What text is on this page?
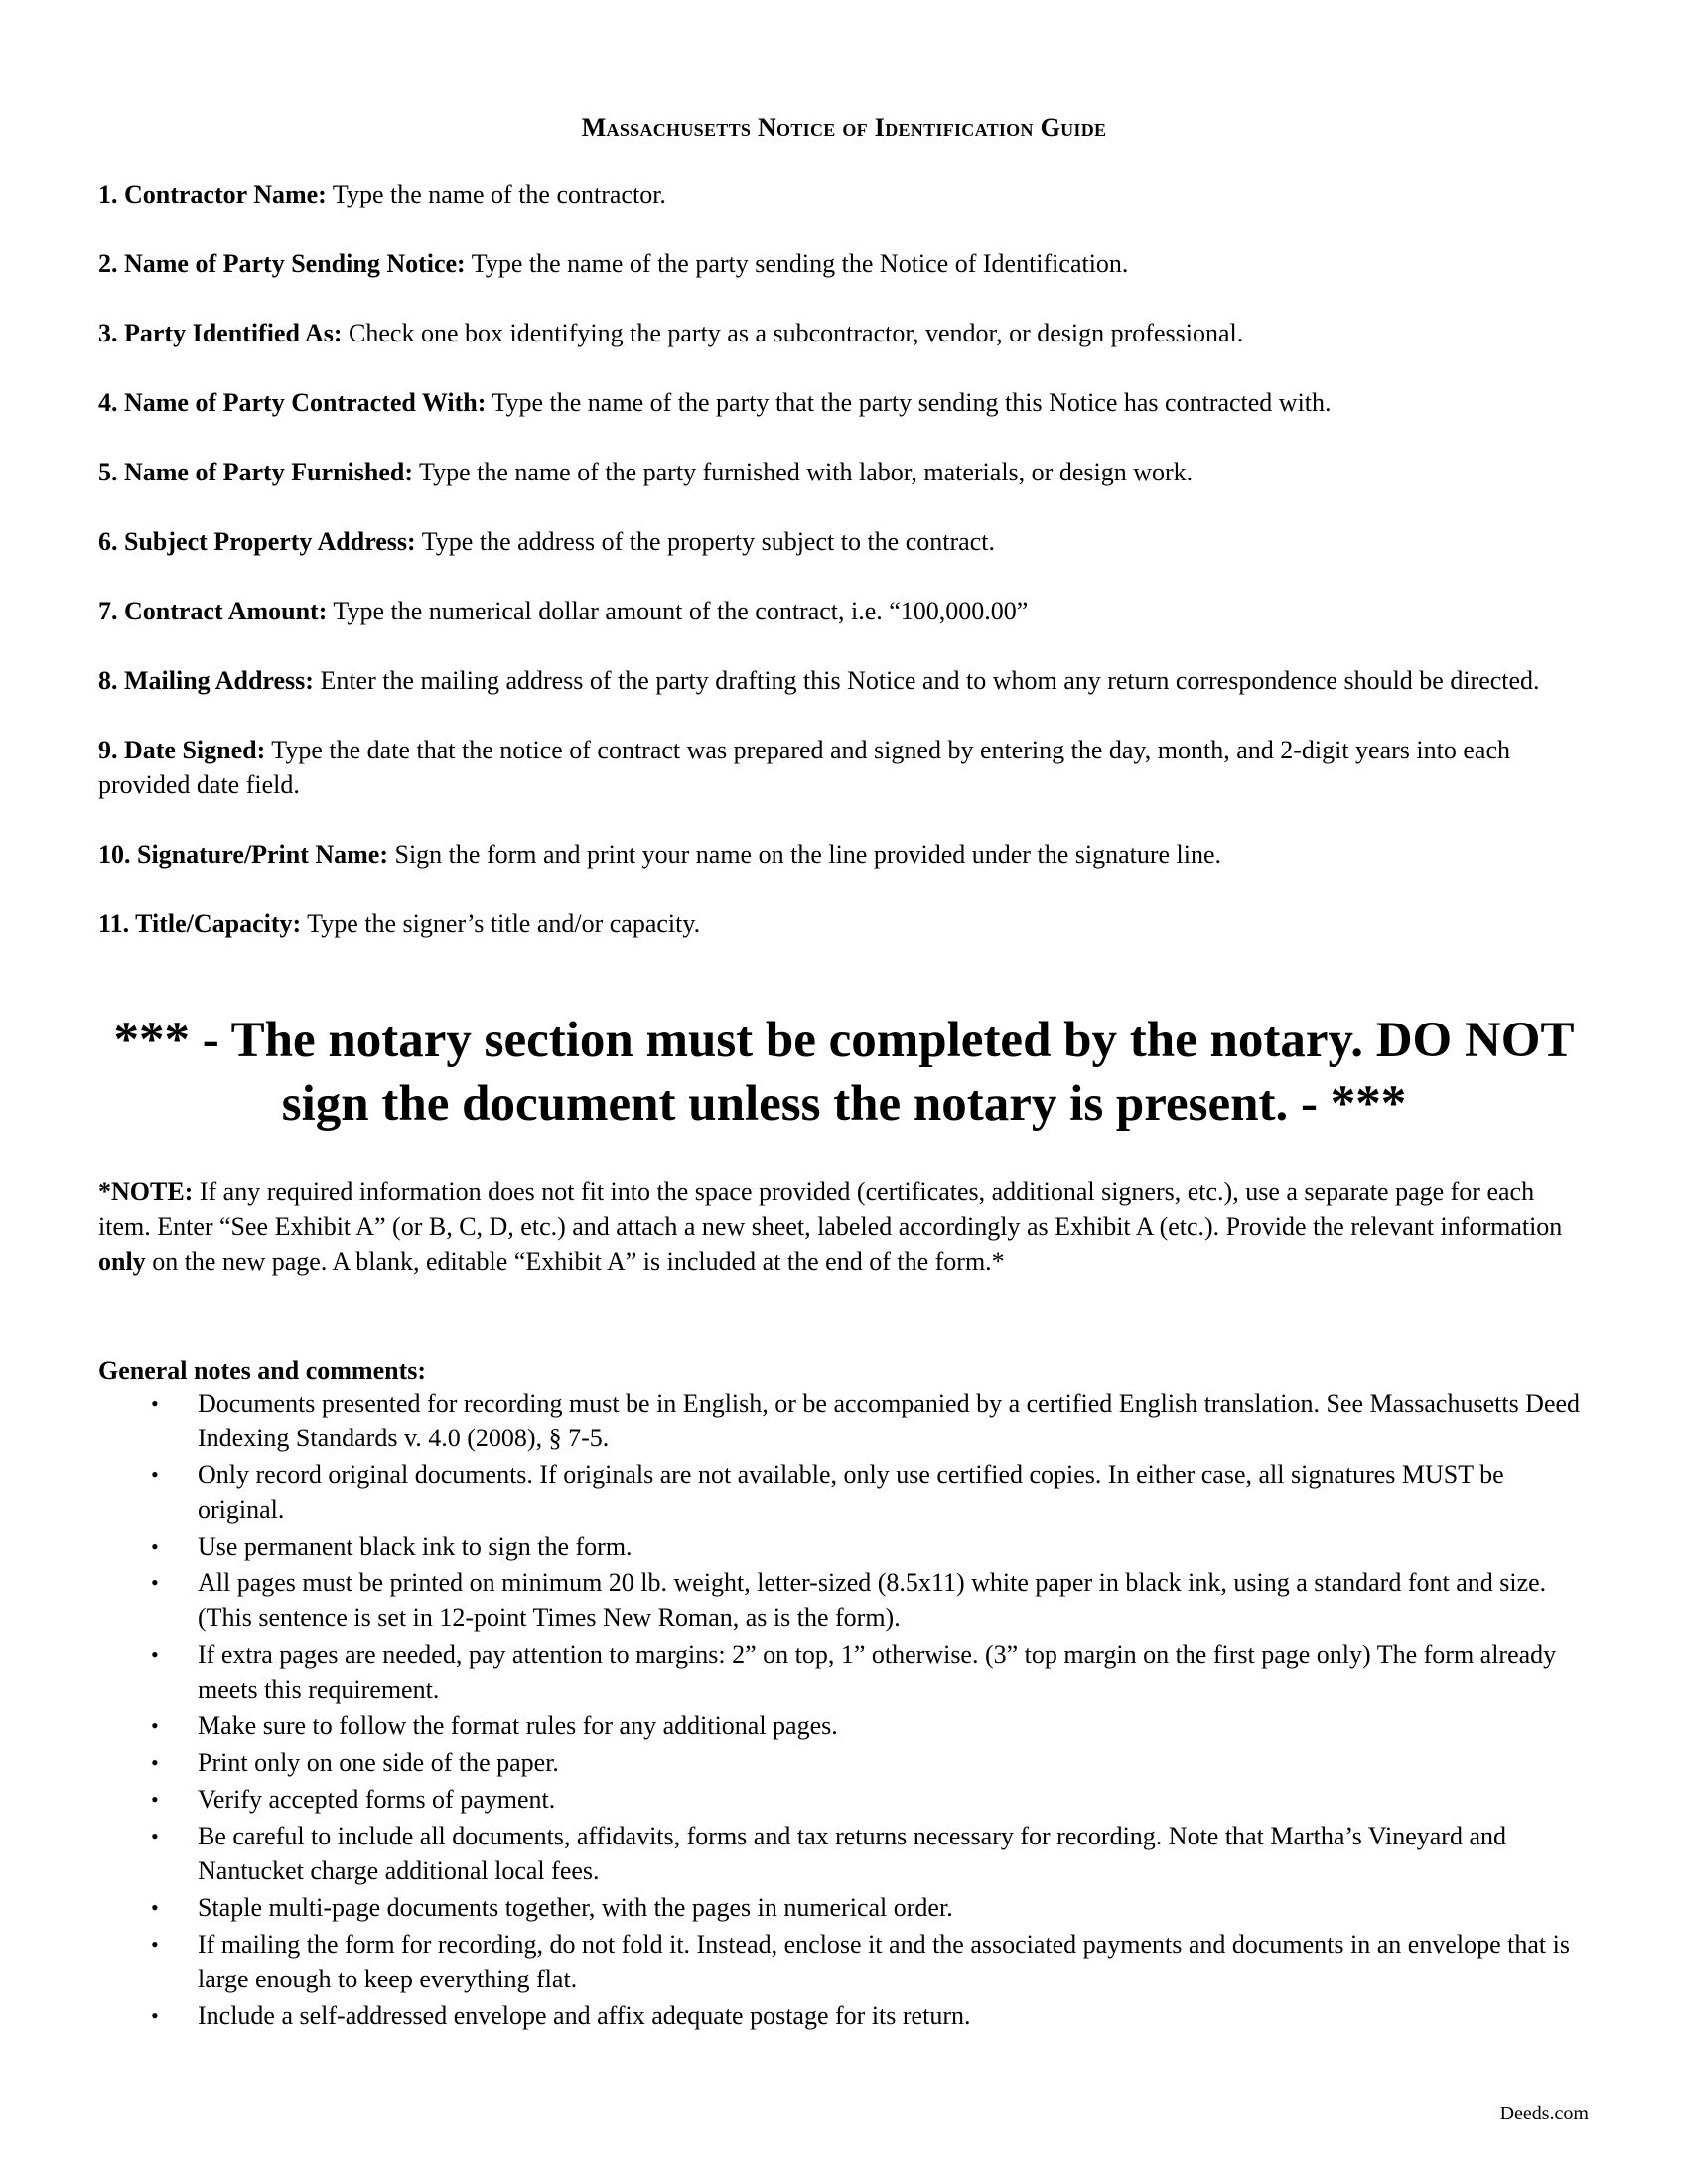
Massachusetts Notice of Identification Guide
1. Contractor Name: Type the name of the contractor.
2. Name of Party Sending Notice: Type the name of the party sending the Notice of Identification.
3. Party Identified As: Check one box identifying the party as a subcontractor, vendor, or design professional.
4. Name of Party Contracted With: Type the name of the party that the party sending this Notice has contracted with.
5. Name of Party Furnished: Type the name of the party furnished with labor, materials, or design work.
6. Subject Property Address: Type the address of the property subject to the contract.
7. Contract Amount: Type the numerical dollar amount of the contract, i.e. “100,000.00”
8. Mailing Address: Enter the mailing address of the party drafting this Notice and to whom any return correspondence should be directed.
9. Date Signed: Type the date that the notice of contract was prepared and signed by entering the day, month, and 2-digit years into each provided date field.
10. Signature/Print Name: Sign the form and print your name on the line provided under the signature line.
11. Title/Capacity: Type the signer’s title and/or capacity.
*** - The notary section must be completed by the notary. DO NOT sign the document unless the notary is present. - ***
*NOTE: If any required information does not fit into the space provided (certificates, additional signers, etc.), use a separate page for each item. Enter “See Exhibit A” (or B, C, D, etc.) and attach a new sheet, labeled accordingly as Exhibit A (etc.). Provide the relevant information only on the new page. A blank, editable “Exhibit A” is included at the end of the form.*
General notes and comments:
•	Documents presented for recording must be in English, or be accompanied by a certified English translation. See Massachusetts Deed Indexing Standards v. 4.0 (2008), § 7-5.
•	Only record original documents. If originals are not available, only use certified copies. In either case, all signatures MUST be original.
•	Use permanent black ink to sign the form.
•	All pages must be printed on minimum 20 lb. weight, letter-sized (8.5x11) white paper in black ink, using a standard font and size. (This sentence is set in 12-point Times New Roman, as is the form).
•	If extra pages are needed, pay attention to margins: 2” on top, 1” otherwise. (3” top margin on the first page only) The form already meets this requirement.
•	Make sure to follow the format rules for any additional pages.
•	Print only on one side of the paper.
•	Verify accepted forms of payment.
•	Be careful to include all documents, affidavits, forms and tax returns necessary for recording. Note that Martha’s Vineyard and Nantucket charge additional local fees.
•	Staple multi-page documents together, with the pages in numerical order.
•	If mailing the form for recording, do not fold it. Instead, enclose it and the associated payments and documents in an envelope that is large enough to keep everything flat.
•	Include a self-addressed envelope and affix adequate postage for its return.
Deeds.com
